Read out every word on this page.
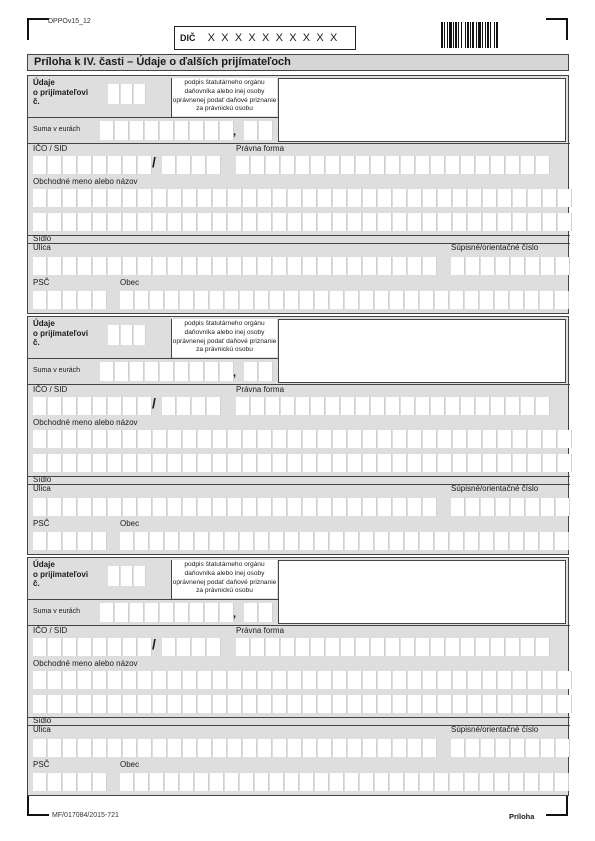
DPPOv15_12
DIČ X X X X X X X X X X
Príloha k IV. časti – Údaje o ďalších prijímateľoch
Údaje
o prijímateľovi
č.
podpis štatutárneho orgánu daňovníka alebo inej osoby oprávnenej podať daňové priznanie za právnickú osobu
Suma v eurách	,
IČO / SID
/
Právna forma
Obchodné meno alebo názov
Sídlo
Ulica	Súpisné/orientačné číslo
PSČ	Obec
Údaje
o prijímateľovi
č.
podpis štatutárneho orgánu daňovníka alebo inej osoby oprávnenej podať daňové priznanie za právnickú osobu
Suma v eurách	,
IČO / SID
/
Právna forma
Obchodné meno alebo názov
Sídlo
Ulica	Súpisné/orientačné číslo
PSČ	Obec
Údaje
o prijímateľovi
č.
podpis štatutárneho orgánu daňovníka alebo inej osoby oprávnenej podať daňové priznanie za právnickú osobu
Suma v eurách	,
IČO / SID
/
Právna forma
Obchodné meno alebo názov
Sídlo
Ulica	Súpisné/orientačné číslo
PSČ	Obec
MF/017084/2015-721	Príloha
